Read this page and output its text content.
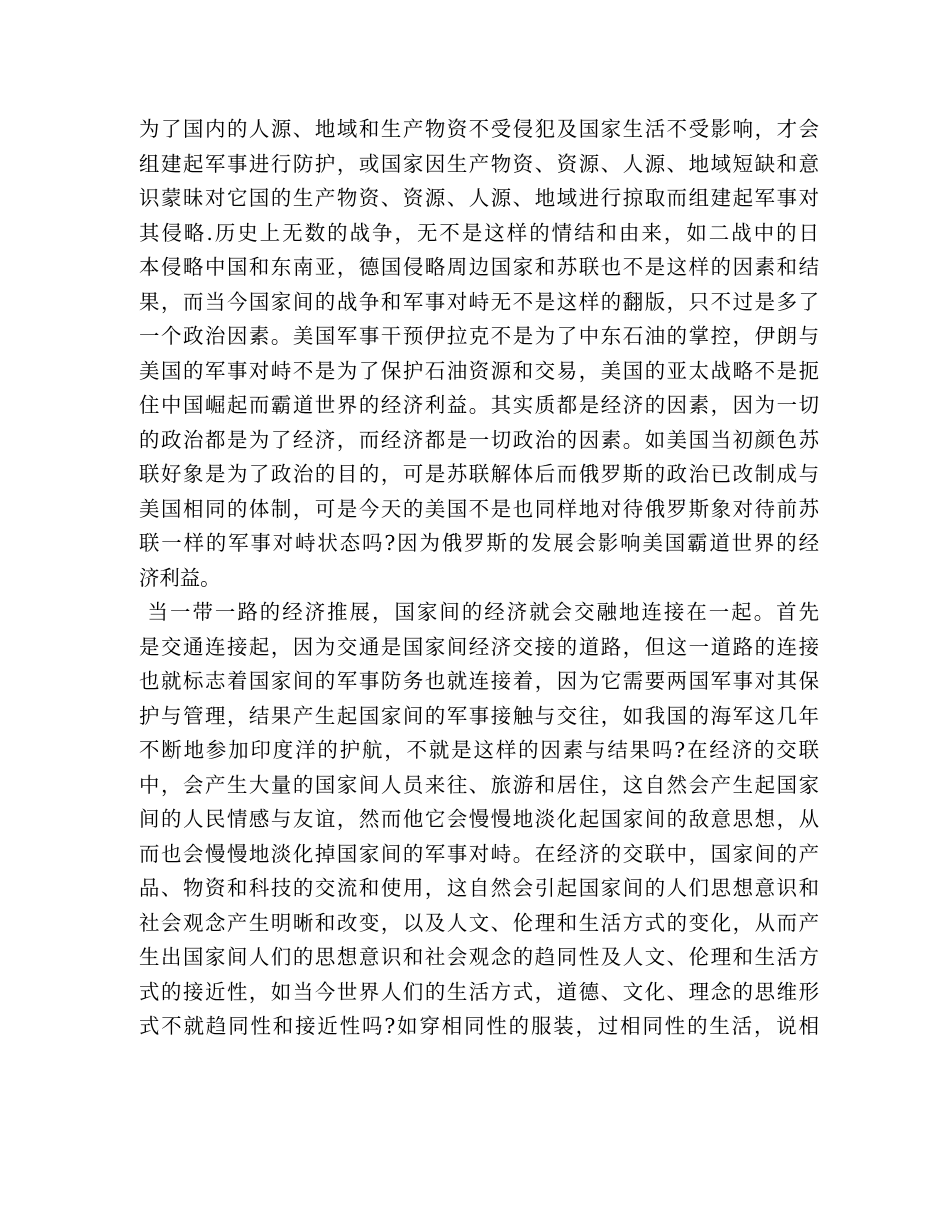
为了国内的人源、地域和生产物资不受侵犯及国家生活不受影响，才会
组建起军事进行防护，或国家因生产物资、资源、人源、地域短缺和意
识蒙昧对它国的生产物资、资源、人源、地域进行掠取而组建起军事对
其侵略.历史上无数的战争，无不是这样的情结和由来，如二战中的日
本侵略中国和东南亚，德国侵略周边国家和苏联也不是这样的因素和结
果，而当今国家间的战争和军事对峙无不是这样的翻版，只不过是多了
一个政治因素。美国军事干预伊拉克不是为了中东石油的掌控，伊朗与
美国的军事对峙不是为了保护石油资源和交易，美国的亚太战略不是扼
住中国崛起而霸道世界的经济利益。其实质都是经济的因素，因为一切
的政治都是为了经济，而经济都是一切政治的因素。如美国当初颜色苏
联好象是为了政治的目的，可是苏联解体后而俄罗斯的政治已改制成与
美国相同的体制，可是今天的美国不是也同样地对待俄罗斯象对待前苏
联一样的军事对峙状态吗?因为俄罗斯的发展会影响美国霸道世界的经
济利益。
当一带一路的经济推展，国家间的经济就会交融地连接在一起。首先
是交通连接起，因为交通是国家间经济交接的道路，但这一道路的连接
也就标志着国家间的军事防务也就连接着，因为它需要两国军事对其保
护与管理，结果产生起国家间的军事接触与交往，如我国的海军这几年
不断地参加印度洋的护航，不就是这样的因素与结果吗?在经济的交联
中，会产生大量的国家间人员来往、旅游和居住，这自然会产生起国家
间的人民情感与友谊，然而他它会慢慢地淡化起国家间的敌意思想，从
而也会慢慢地淡化掉国家间的军事对峙。在经济的交联中，国家间的产
品、物资和科技的交流和使用，这自然会引起国家间的人们思想意识和
社会观念产生明晰和改变，以及人文、伦理和生活方式的变化，从而产
生出国家间人们的思想意识和社会观念的趋同性及人文、伦理和生活方
式的接近性，如当今世界人们的生活方式，道德、文化、理念的思维形
式不就趋同性和接近性吗?如穿相同性的服装，过相同性的生活，说相
